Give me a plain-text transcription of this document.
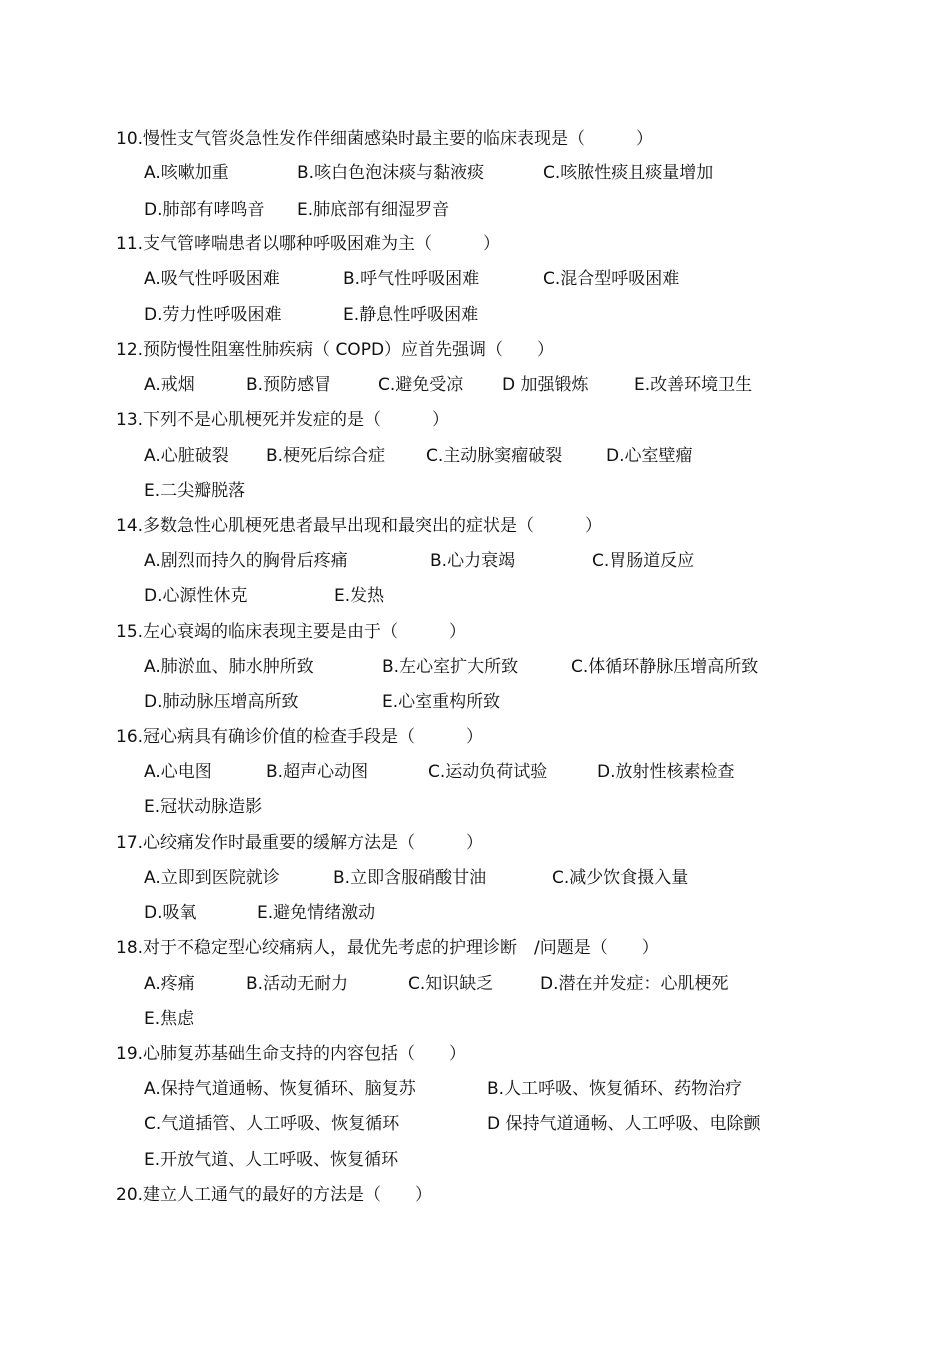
10.慢性支气管炎急性发作伴细菌感染时最主要的临床表现是（　　　）
A.咳嗽加重	B.咳白色泡沫痰与黏液痰	C.咳脓性痰且痰量增加
D.肺部有哮鸣音 E.肺底部有细湿罗音
11.支气管哮喘患者以哪种呼吸困难为主（　　　）
A.吸气性呼吸困难	B.呼气性呼吸困难	C.混合型呼吸困难
D.劳力性呼吸困难	E.静息性呼吸困难
12.预防慢性阻塞性肺疾病（ COPD）应首先强调（　　）
A.戒烟	B.预防感冒	C.避免受凉 D 加强锻炼	E.改善环境卫生
13.下列不是心肌梗死并发症的是（　　　）
A.心脏破裂 B.梗死后综合症 C.主动脉窦瘤破裂	D.心室壁瘤
E.二尖瓣脱落
14.多数急性心肌梗死患者最早出现和最突出的症状是（　　　）
A.剧烈而持久的胸骨后疼痛	B.心力衰竭	C.胃肠道反应
D.心源性休克	E.发热
15.左心衰竭的临床表现主要是由于（　　　）
A.肺淤血、肺水肿所致	B.左心室扩大所致	C.体循环静脉压增高所致
D.肺动脉压增高所致	E.心室重构所致
16.冠心病具有确诊价值的检查手段是（　　　）
A.心电图	B.超声心动图	C.运动负荷试验	D.放射性核素检查
E.冠状动脉造影
17.心绞痛发作时最重要的缓解方法是（　　　）
A.立即到医院就诊	B.立即含服硝酸甘油	C.减少饮食摄入量
D.吸氧	E.避免情绪激动
18.对于不稳定型心绞痛病人，最优先考虑的护理诊断　/问题是（　　）
A.疼痛	B.活动无耐力	C.知识缺乏	D.潜在并发症：心肌梗死
E.焦虑
19.心肺复苏基础生命支持的内容包括（　　）
A.保持气道通畅、恢复循环、脑复苏	B.人工呼吸、恢复循环、药物治疗
C.气道插管、人工呼吸、恢复循环	D 保持气道通畅、人工呼吸、电除颤
E.开放气道、人工呼吸、恢复循环
20.建立人工通气的最好的方法是（　　）
